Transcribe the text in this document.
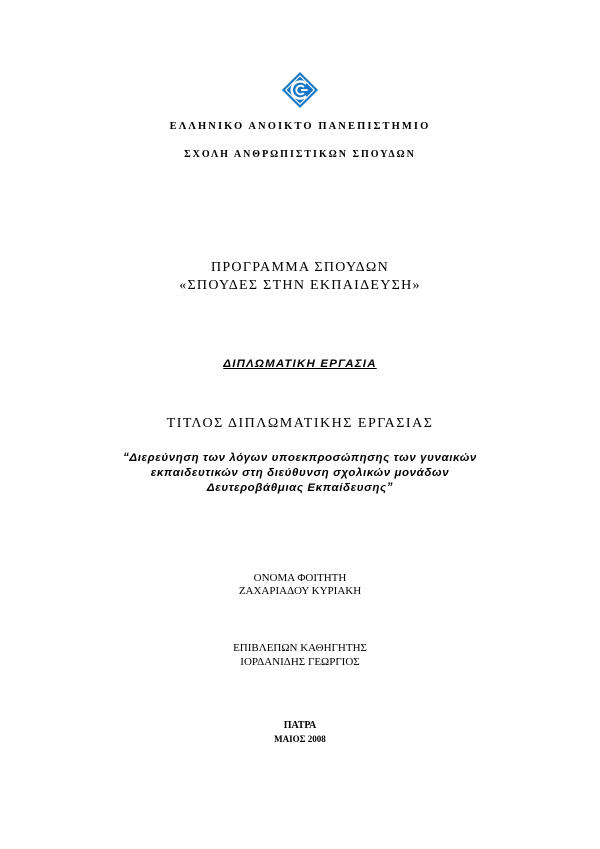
ΕΛΛΗΝΙΚΟ ΑΝΟΙΚΤΟ ΠΑΝΕΠΙΣΤΗΜΙΟ
ΣΧΟΛΗ ΑΝΘΡΩΠΙΣΤΙΚΩΝ ΣΠΟΥΔΩΝ
ΠΡΟΓΡΑΜΜΑ ΣΠΟΥΔΩΝ
«ΣΠΟΥΔΕΣ ΣΤΗΝ ΕΚΠΑΙΔΕΥΣΗ»
ΔΙΠΛΩΜΑΤΙΚΗ ΕΡΓΑΣΙΑ
ΤΙΤΛΟΣ ΔΙΠΛΩΜΑΤΙΚΗΣ ΕΡΓΑΣΙΑΣ
“Διερεύνηση των λόγων υποεκπροσώπησης των γυναικών
εκπαιδευτικών στη διεύθυνση σχολικών μονάδων
Δευτεροβάθμιας Εκπαίδευσης”
ΟΝΟΜΑ ΦΟΙΤΗΤΗ
ΖΑΧΑΡΙΑΔΟΥ ΚΥΡΙΑΚΗ
ΕΠΙΒΛΕΠΩΝ ΚΑΘΗΓΗΤΗΣ
ΙΟΡΔΑΝΙΔΗΣ ΓΕΩΡΓΙΟΣ
ΠΑΤΡΑ
ΜΑΙΟΣ 2008
